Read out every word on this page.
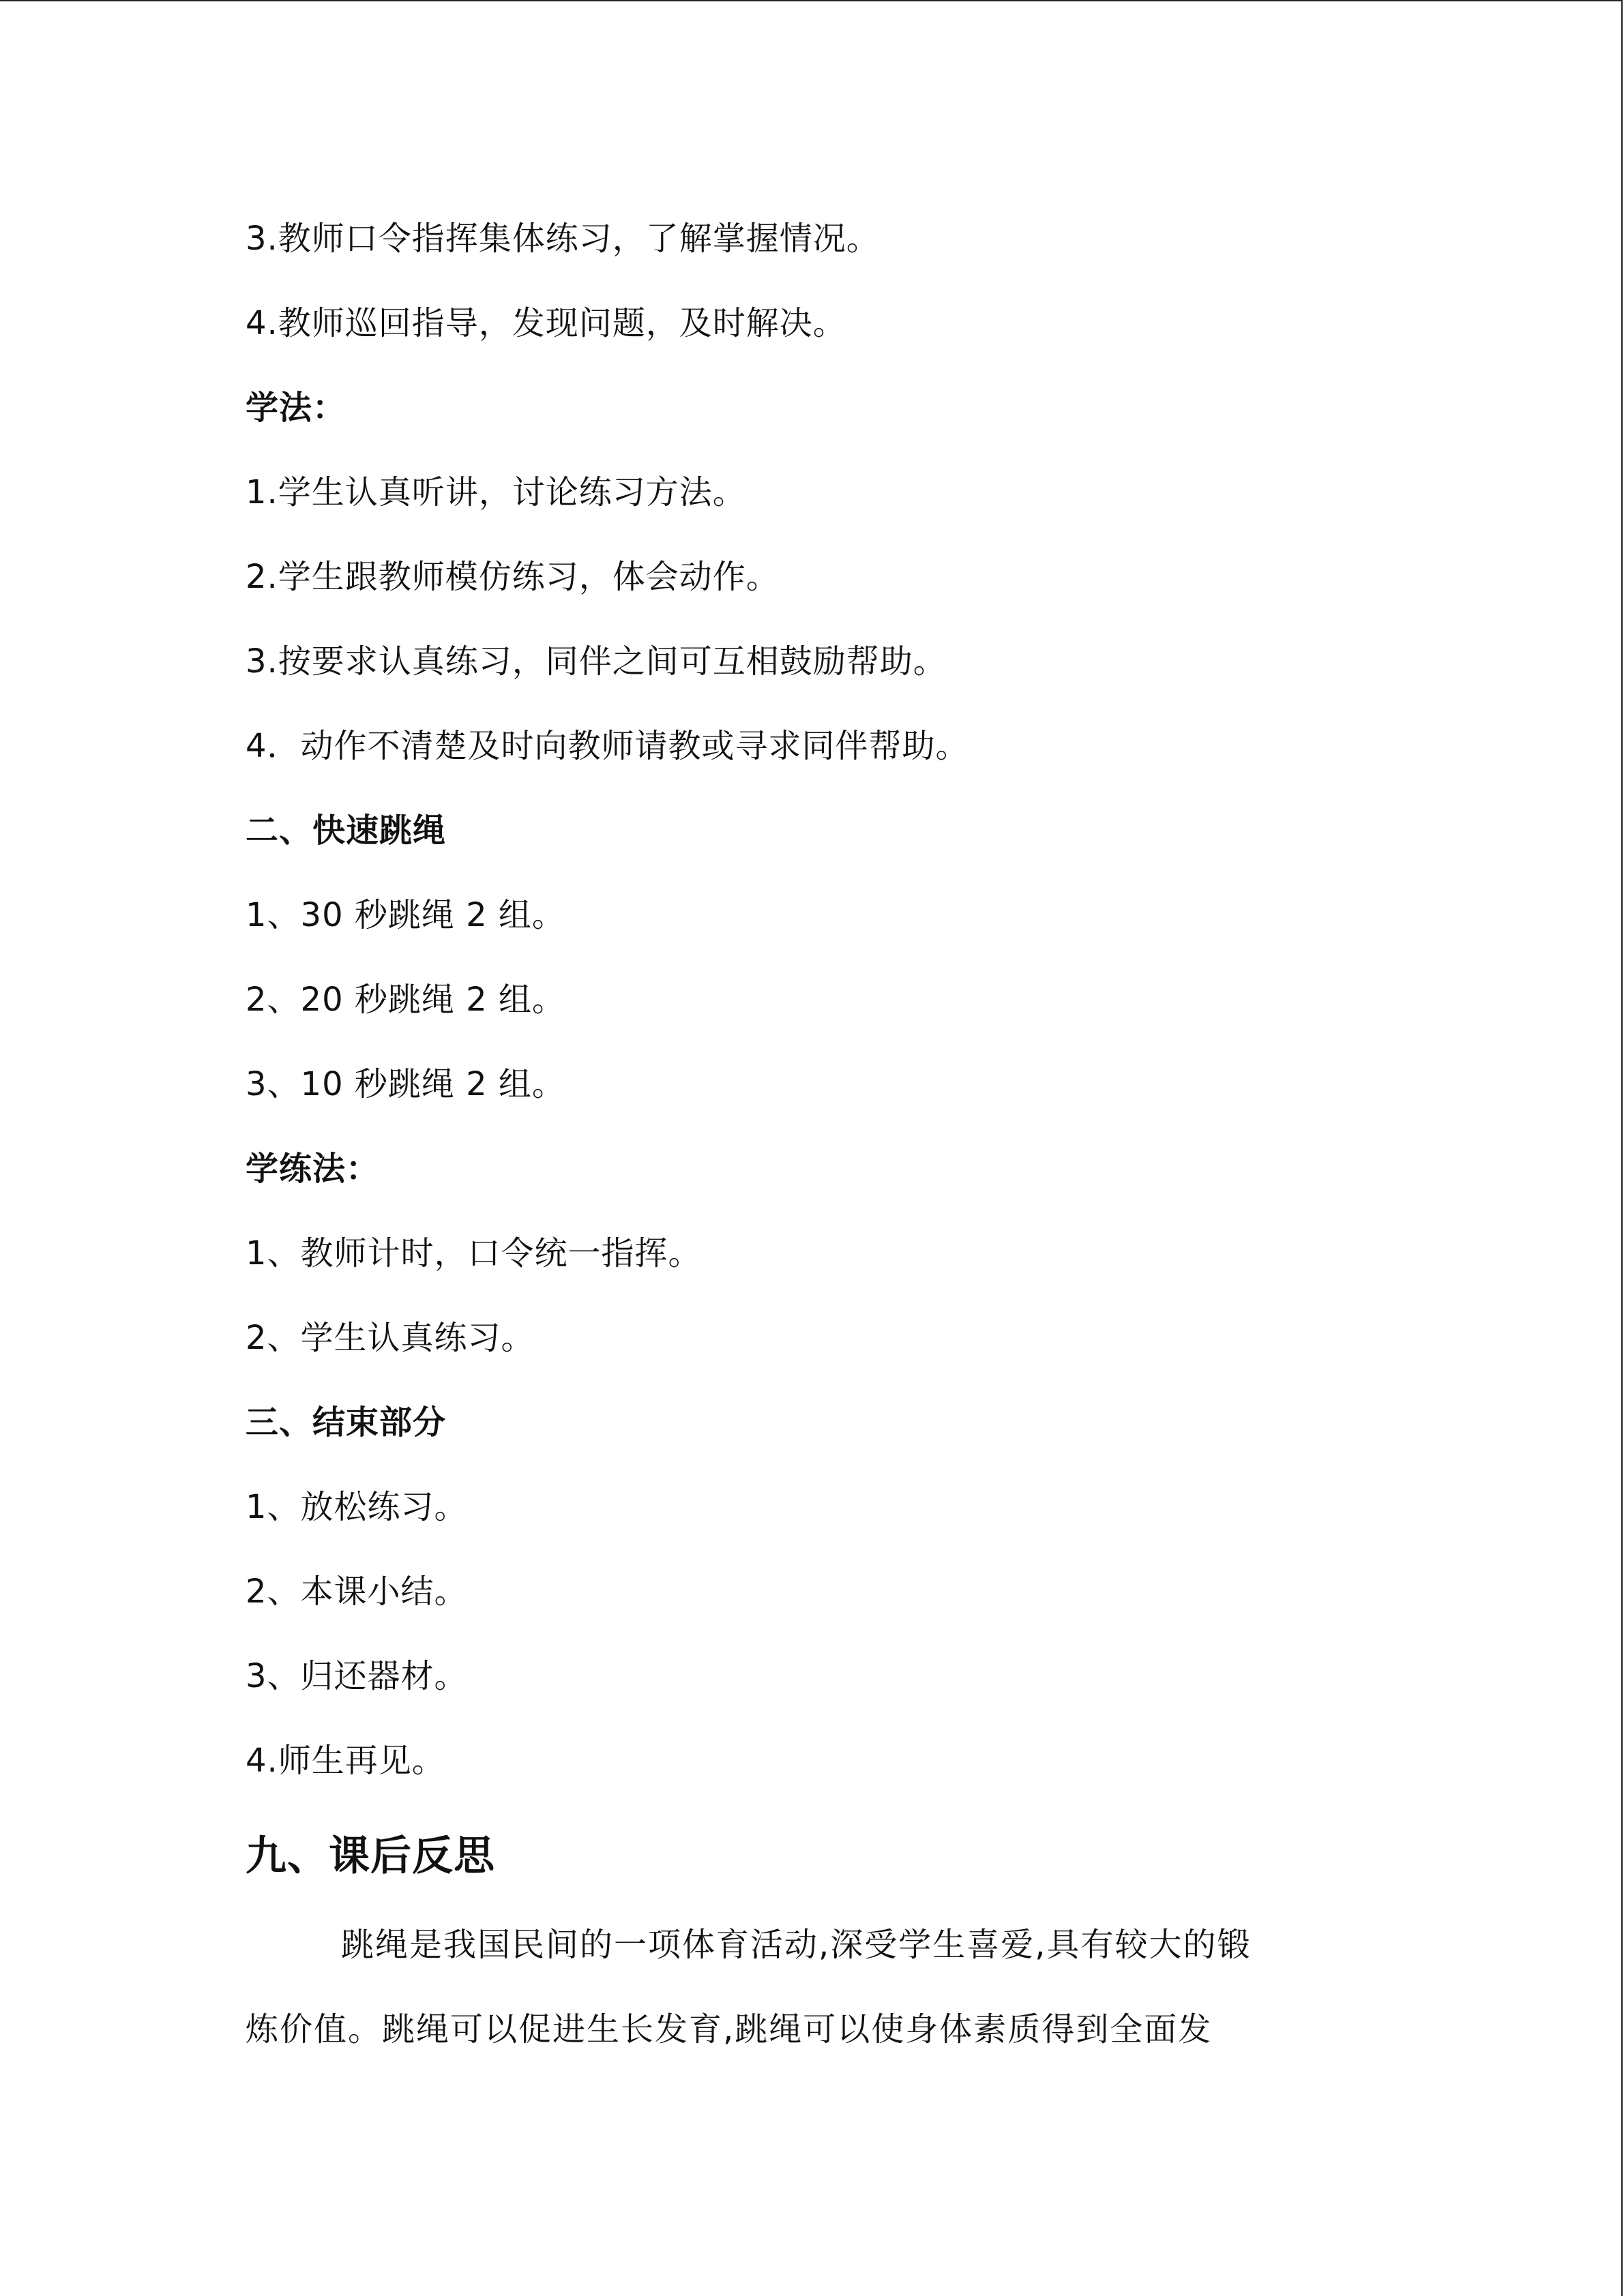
3.教师口令指挥集体练习，了解掌握情况。
4.教师巡回指导，发现问题，及时解决。
学法：
1.学生认真听讲，讨论练习方法。
2.学生跟教师模仿练习，体会动作。
3.按要求认真练习，同伴之间可互相鼓励帮助。
4．动作不清楚及时向教师请教或寻求同伴帮助。
二、快速跳绳
1、30 秒跳绳 2 组。
2、20 秒跳绳 2 组。
3、10 秒跳绳 2 组。
学练法：
1、教师计时，口令统一指挥。
2、学生认真练习。
三、结束部分
1、放松练习。
2、本课小结。
3、归还器材。
4.师生再见。
九、课后反思
跳绳是我国民间的一项体育活动,深受学生喜爱,具有较大的锻
炼价值。跳绳可以促进生长发育,跳绳可以使身体素质得到全面发
